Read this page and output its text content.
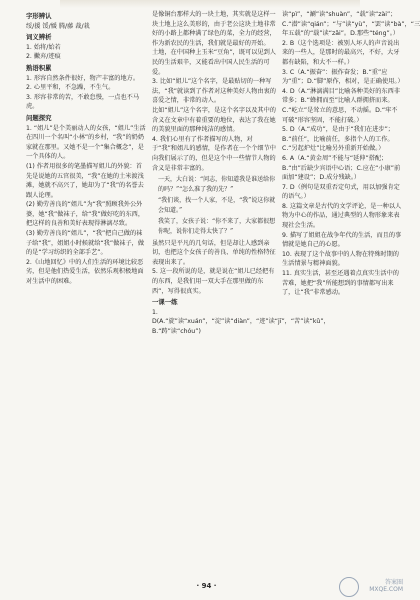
字形辨认
绥/援 馁/媛 腾/藤 裁/栽
词义辨析
1. 始将/始若
2. 撇弃/迹痕
熟语积累
1. 形容自然条件很好，物产丰富的地方。
2. 心里平和，不急躁，不生气。
3. 形容非常的苦，不敢怠慢，一点也不马虎。
问题探究
1. “姐儿”是个美丽动人的女孩，“姐儿”生活在四川一个名叫“小林”的乡村，“我”的奶奶家就在那里。又她不是一个“集合概念”，是一个具体的人。
(1) 作者用很多的笔墨描写姐儿的外貌：首先是说她的五官很美，“我”在她的土米渡浅滩，她就不高兴了，她却为了“我”的名誉去跟人论理。
(2) 勤劳善良的“姐儿”为“我”照顾我外公外婆，她“我”做袜子，给“我”做好吃的东西，把这样的良善和美好表现得淋漓尽致。
(3) 勤劳善良的“姐儿”，“我”把自己做的袜子给“我”，姐姐小时候就给“我”做袜子，做的是“学习纺织的全部手艺”。
2.《山地回忆》中的人们生活的环境比较恶劣，但是他们热爱生活，依然乐观积极地面对生活中的困难。
是像铜台那样大的一块土地，其实就是这样一块土地上这么美形的，由于老公这块土地非常好的小路上都种满了绿色的菜，全力的经营，作为新农民的生活，我们就是最好的开始。
土地，在中国种上玉米“豆角”，既可以见到人民的生活艰辛，又能看出中国人民生活的可爱。
3. 比如“姐儿”这个名字，是最贴切的一种写法，“我”就读到了作者对这种美好人物由衷的喜爱之情，非常的动人。
比如“姐儿”这个名字，是这个名字以及其中的含义在文章中有着重要的地位，表达了我在她的美貌里面的那种纯洁的感情。
4. 我们心里有了作者描写的人物，对于“我”和姐儿的感情，是作者在一个个细节中向我们展示了的，但是这个中一些情节人物的含义是非常丰富的。
一天，大白说：“问志，你知道我是谁送给你的吗？”“怎么准了我的先？”
“我们谈，找一个人家，不是，“我”说这你就会知道。”
我笑了，女孩子说：“你不来了，大家都很想你呢，说你们走得太快了？”
虽然只是平凡的几句话，但是却让人感到亲切，也把这个女孩子的善良、单纯的性格特征表现出来了。
5. 这一段所说的是，就是说在“姐儿已经把有的东西，是我们用一双大手在那里做的东西”，写得很真实。
一课一练
1. D(A.“旋”读“xuán”，“淀”读“diàn”，“迹”读“jī”，“苦”读“kǔ”，B.“踌”读“chóu”)
读“pì”，“涮”读“shuàn”，“载”读“zài”；C.“潜”读“qián”；“与”读“yù”，“罢”读“bà”，“三年五载”的“载”读“zǎi”。D.那些“téng”。）
2. B（这个选项是：被别人坏人的声音说出来的一些人，是那时的最高兴，不好，大牙都有缺陷，和大不一样。）
3. C（A.“振奋”：振作奋发；B.“重”应为“重”；D.“脚”原作，相对，是正确使用。）
4. D（A.“淋漓满目”比喻各种美好的东西非常多；B.“蜂拥而至”比喻人群拥挤而来。C.“屹立”是耸立的意思，不动摇。D.“牢不可破”形容坚固，不能打破。）
5. D（A.“成功”，是由于“我们在进步”；B.“前任”，比喻前任，多指个人的工作。C.“另起炉灶”比喻另外重新开始做。）
6. A（A.“黄金周”不能与“延伸”搭配；B.“由”后缺少宾语中心语；C.应在“小康”前面加“建设”；D.成分残缺。）
7. D（例句是双重否定句式，用以加强肯定的语气。）
8. 这篇文章是古代的文学评论，是一种以人物为中心的作品，通过典型的人物形象来表现社会生活。
9. 描写了姐姐在战争年代的生活，而且的事情就是她自己的心愿。
10. 表现了这个故事中的人物在特殊时期的生活情景与精神面貌。
11. 真实生活，甚至还遇着点真实生活中的苦难，她把“我”所能想到的事情都写出来了，让“我”非常感动。
· 94 ·	答案圈
MXQE.COM
